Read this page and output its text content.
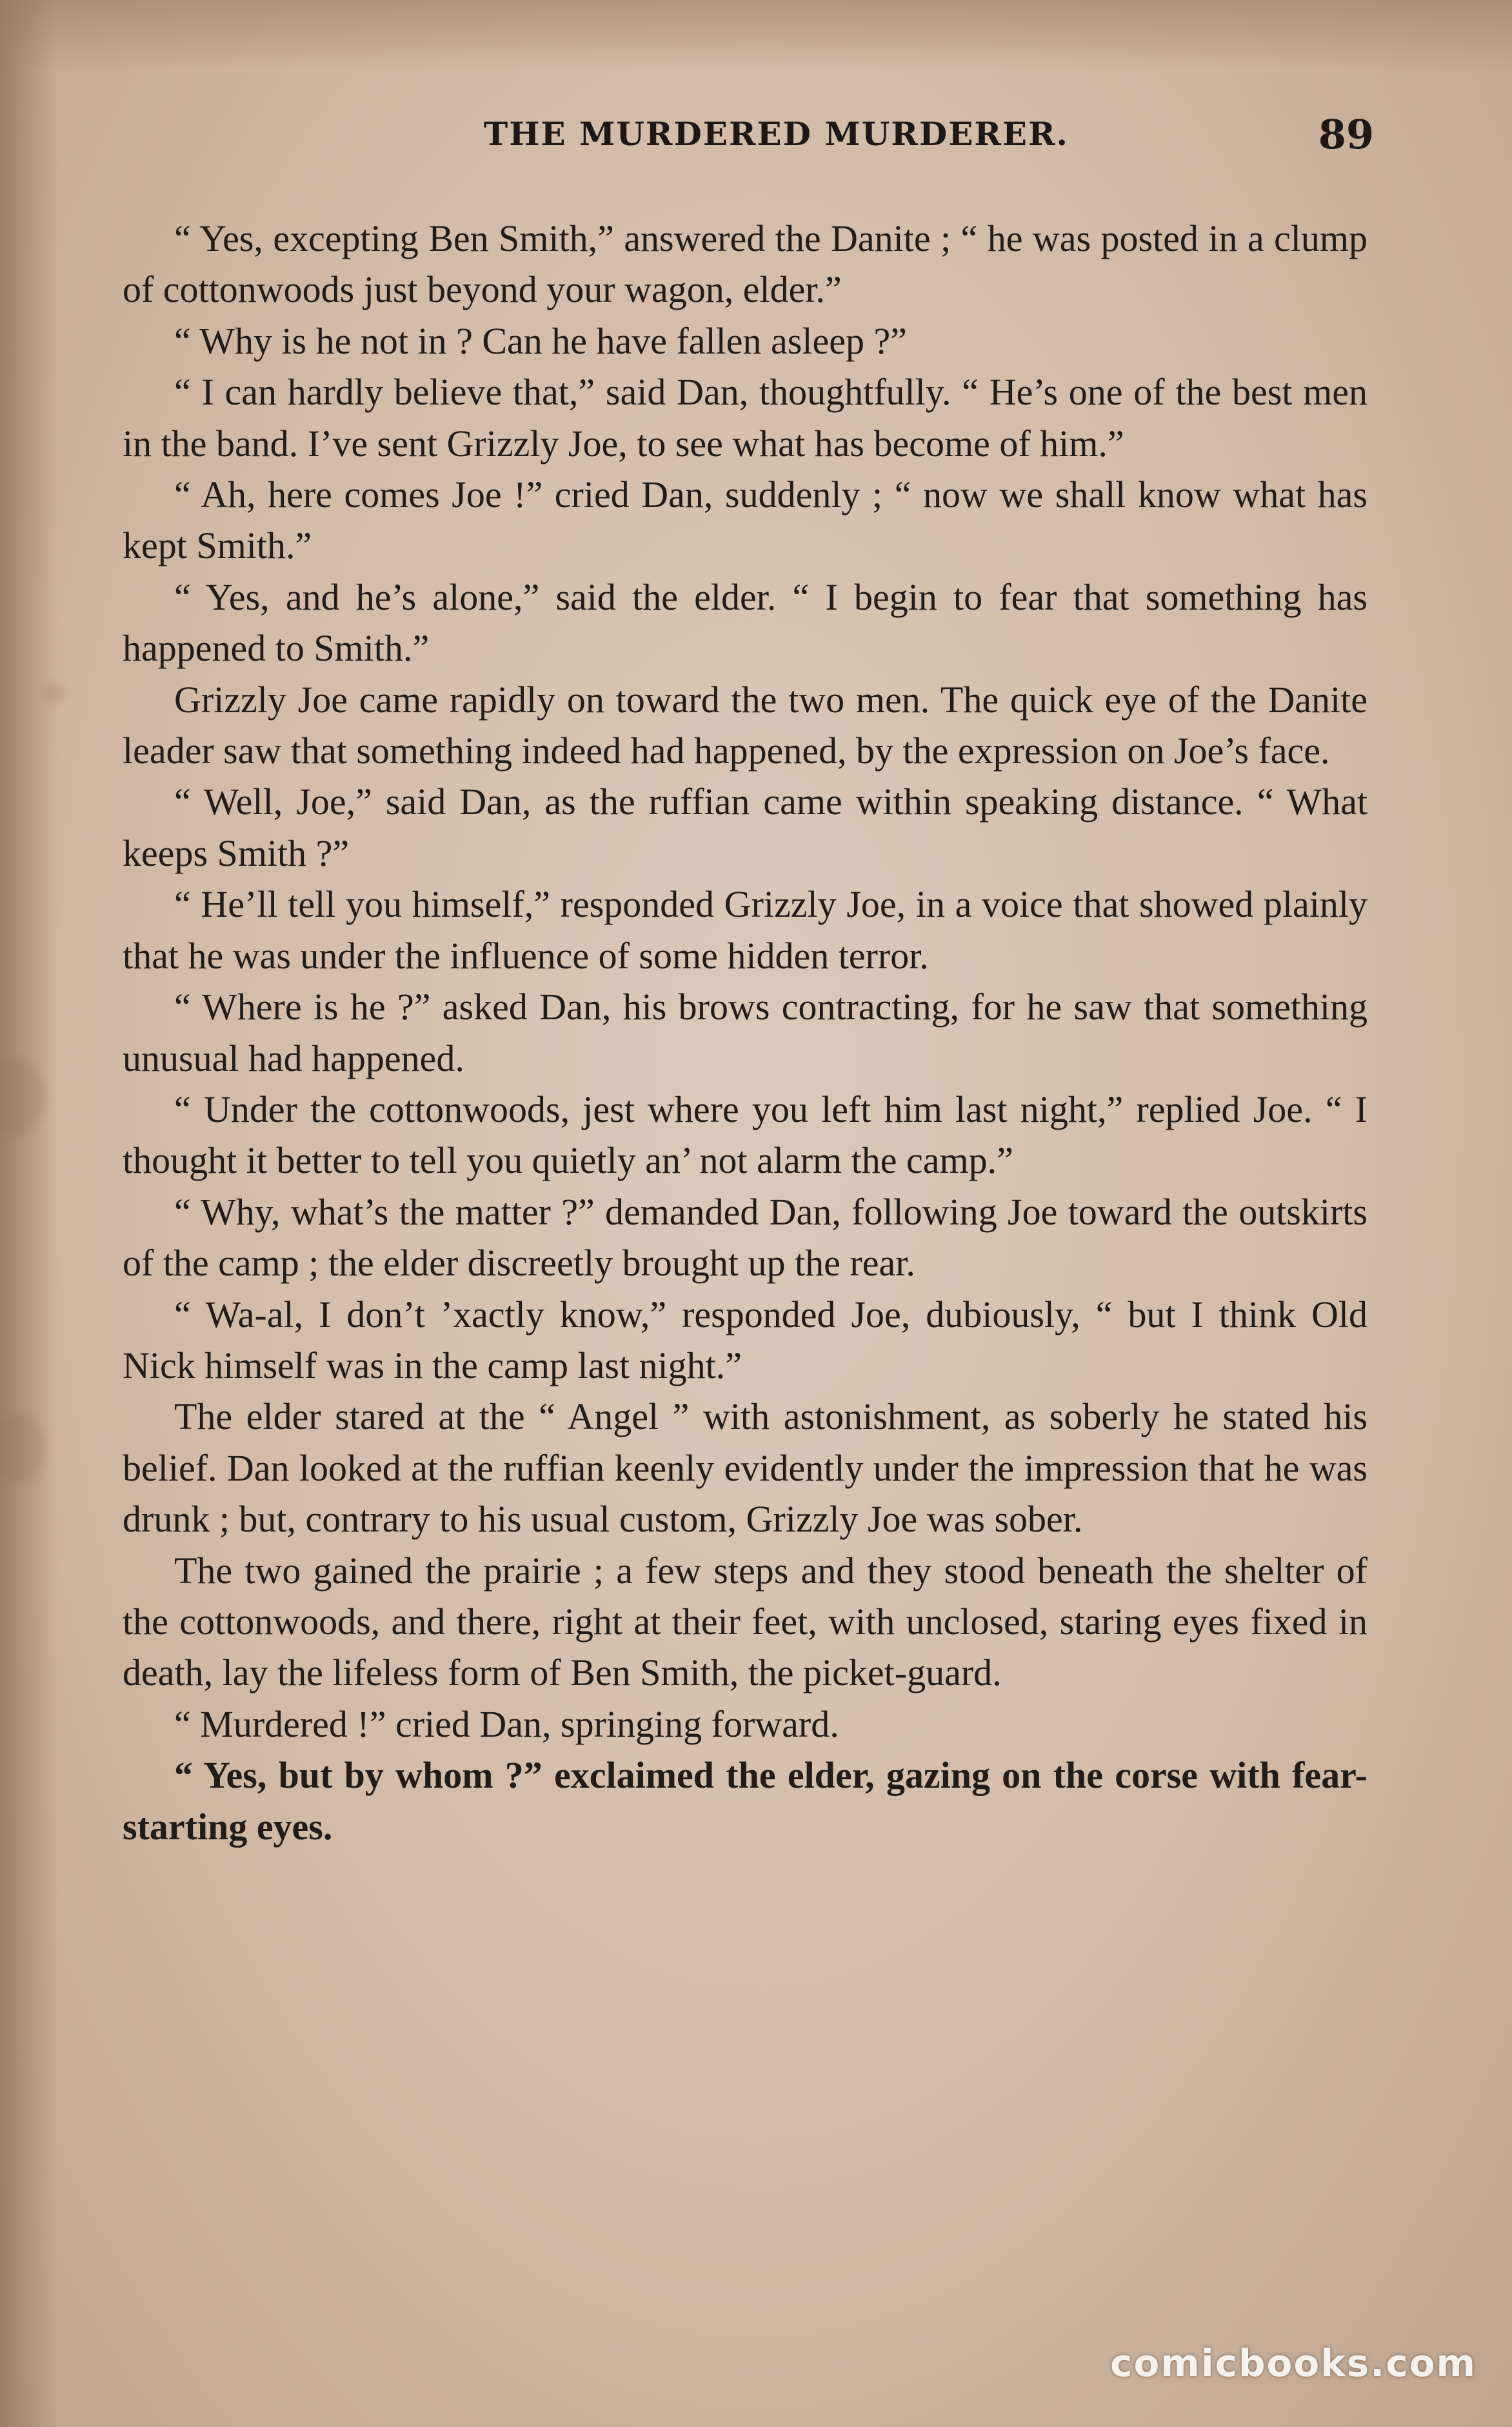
THE MURDERED MURDERER.	89

“ Yes, excepting Ben Smith,” answered the Danite ; “ he was posted in a clump of cottonwoods just beyond your wagon, elder.”

“ Why is he not in ? Can he have fallen asleep ?”

“ I can hardly believe that,” said Dan, thoughtfully. “ He’s one of the best men in the band. I’ve sent Grizzly Joe, to see what has become of him.”

“ Ah, here comes Joe !” cried Dan, suddenly ; “ now we shall know what has kept Smith.”

“ Yes, and he’s alone,” said the elder. “ I begin to fear that something has happened to Smith.”

Grizzly Joe came rapidly on toward the two men. The quick eye of the Danite leader saw that something indeed had happened, by the expression on Joe’s face.

“ Well, Joe,” said Dan, as the ruffian came within speaking distance. “ What keeps Smith ?”

“ He’ll tell you himself,” responded Grizzly Joe, in a voice that showed plainly that he was under the influence of some hidden terror.

“ Where is he ?” asked Dan, his brows contracting, for he saw that something unusual had happened.

“ Under the cottonwoods, jest where you left him last night,” replied Joe. “ I thought it better to tell you quietly an’ not alarm the camp.”

“ Why, what’s the matter ?” demanded Dan, following Joe toward the outskirts of the camp ; the elder discreetly brought up the rear.

“ Wa-al, I don’t ’xactly know,” responded Joe, dubiously, “ but I think Old Nick himself was in the camp last night.”

The elder stared at the “ Angel ” with astonishment, as soberly he stated his belief. Dan looked at the ruffian keenly evidently under the impression that he was drunk ; but, contrary to his usual custom, Grizzly Joe was sober.

The two gained the prairie ; a few steps and they stood beneath the shelter of the cottonwoods, and there, right at their feet, with unclosed, staring eyes fixed in death, lay the lifeless form of Ben Smith, the picket-guard.

“ Murdered !” cried Dan, springing forward.

“ Yes, but by whom ?” exclaimed the elder, gazing on the corse with fear-starting eyes.

comicbooks.com
